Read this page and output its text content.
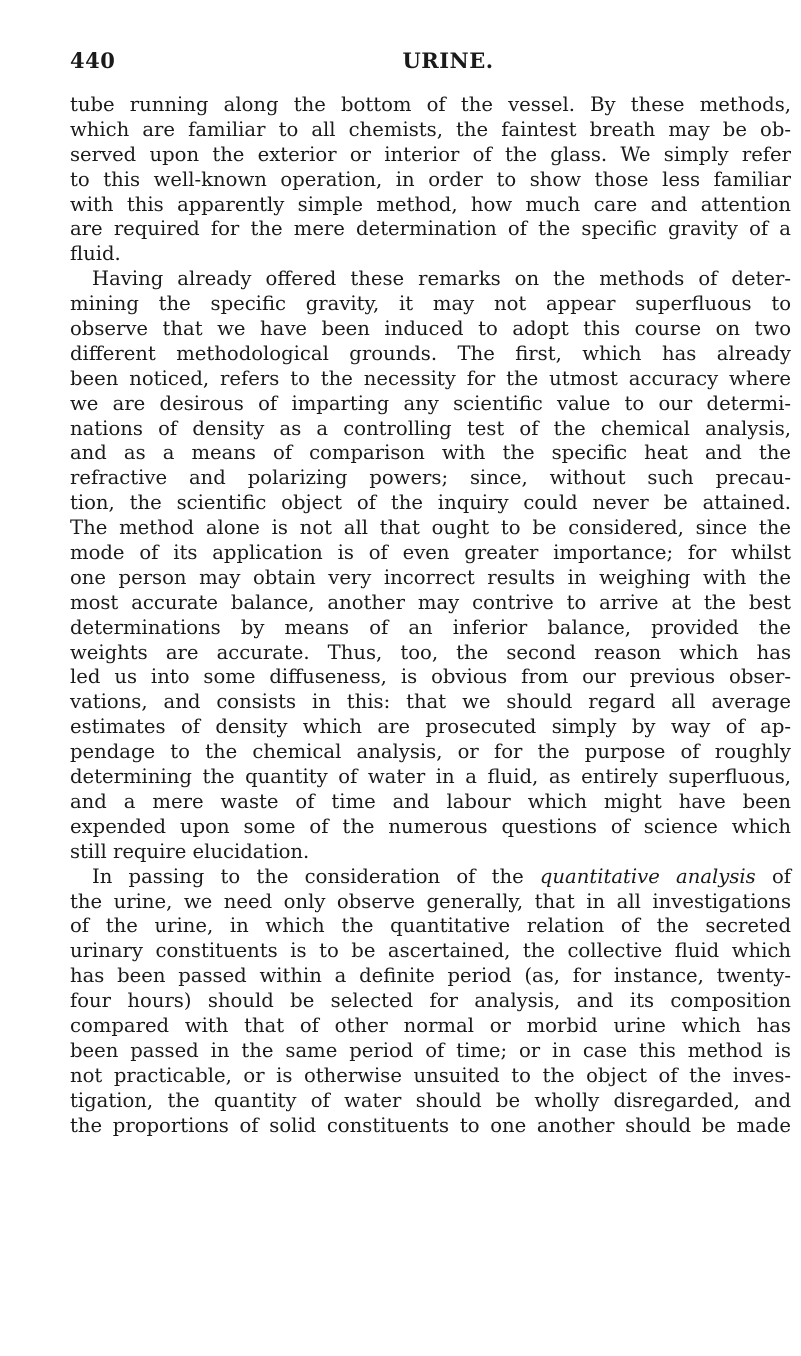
440	URINE.
tube running along the bottom of the vessel. By these methods,
which are familiar to all chemists, the faintest breath may be ob-
served upon the exterior or interior of the glass. We simply refer
to this well-known operation, in order to show those less familiar
with this apparently simple method, how much care and attention
are required for the mere determination of the specific gravity of a
fluid.
Having already offered these remarks on the methods of deter-
mining the specific gravity, it may not appear superfluous to
observe that we have been induced to adopt this course on two
different methodological grounds. The first, which has already
been noticed, refers to the necessity for the utmost accuracy where
we are desirous of imparting any scientific value to our determi-
nations of density as a controlling test of the chemical analysis,
and as a means of comparison with the specific heat and the
refractive and polarizing powers; since, without such precau-
tion, the scientific object of the inquiry could never be attained.
The method alone is not all that ought to be considered, since the
mode of its application is of even greater importance; for whilst
one person may obtain very incorrect results in weighing with the
most accurate balance, another may contrive to arrive at the best
determinations by means of an inferior balance, provided the
weights are accurate. Thus, too, the second reason which has
led us into some diffuseness, is obvious from our previous obser-
vations, and consists in this: that we should regard all average
estimates of density which are prosecuted simply by way of ap-
pendage to the chemical analysis, or for the purpose of roughly
determining the quantity of water in a fluid, as entirely superfluous,
and a mere waste of time and labour which might have been
expended upon some of the numerous questions of science which
still require elucidation.
In passing to the consideration of the quantitative analysis of
the urine, we need only observe generally, that in all investigations
of the urine, in which the quantitative relation of the secreted
urinary constituents is to be ascertained, the collective fluid which
has been passed within a definite period (as, for instance, twenty-
four hours) should be selected for analysis, and its composition
compared with that of other normal or morbid urine which has
been passed in the same period of time; or in case this method is
not practicable, or is otherwise unsuited to the object of the inves-
tigation, the quantity of water should be wholly disregarded, and
the proportions of solid constituents to one another should be made
